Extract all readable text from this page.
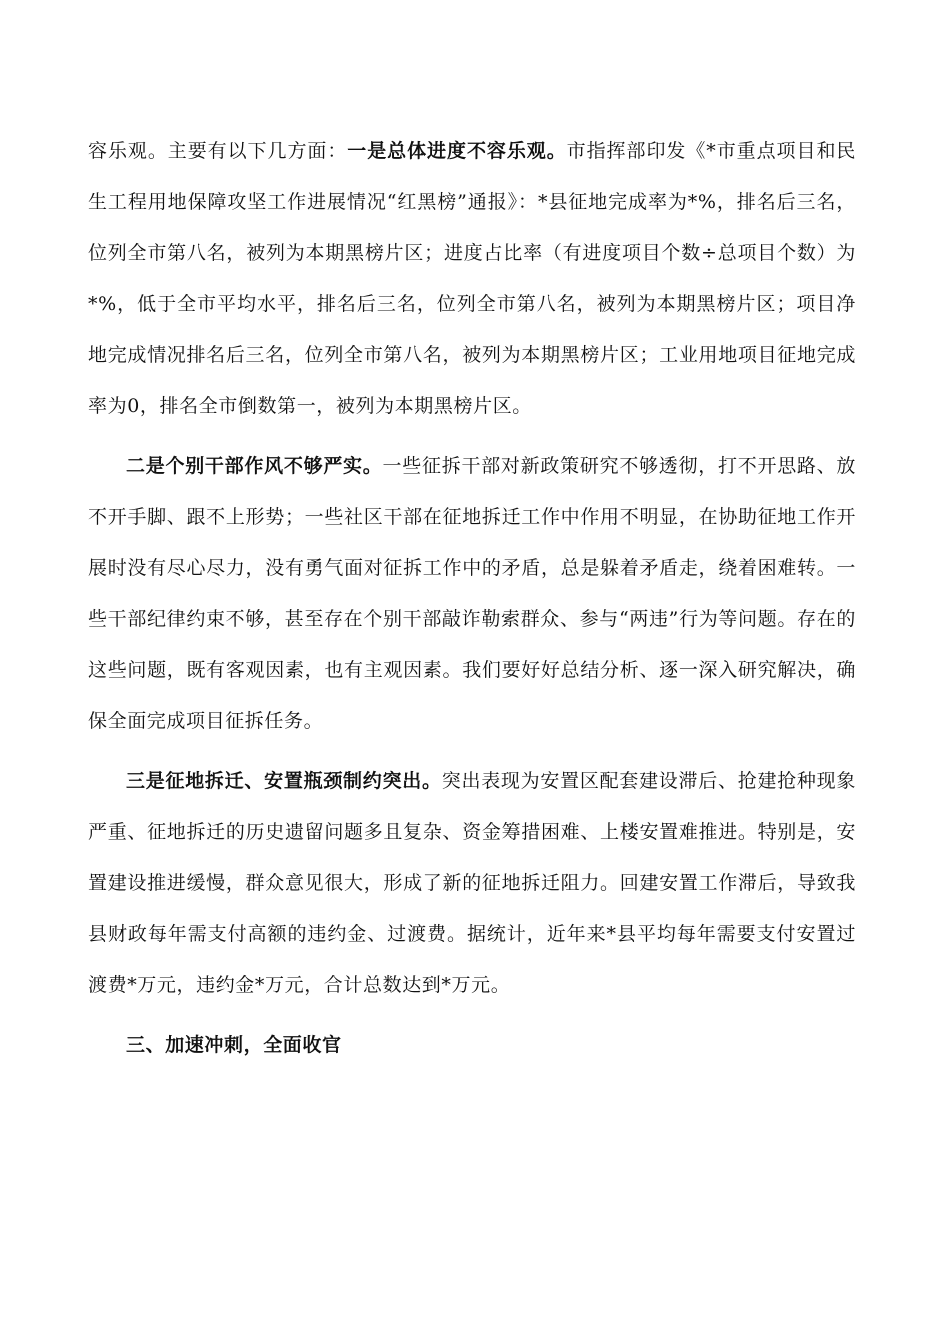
容乐观。主要有以下几方面：一是总体进度不容乐观。市指挥部印发《*市重点项目和民生工程用地保障攻坚工作进展情况“红黑榜”通报》：*县征地完成率为*%，排名后三名，位列全市第八名，被列为本期黑榜片区；进度占比率（有进度项目个数÷总项目个数）为*%，低于全市平均水平，排名后三名，位列全市第八名，被列为本期黑榜片区；项目净地完成情况排名后三名，位列全市第八名，被列为本期黑榜片区；工业用地项目征地完成率为0，排名全市倒数第一，被列为本期黑榜片区。

二是个别干部作风不够严实。一些征拆干部对新政策研究不够透彻，打不开思路、放不开手脚、跟不上形势；一些社区干部在征地拆迁工作中作用不明显，在协助征地工作开展时没有尽心尽力，没有勇气面对征拆工作中的矛盾，总是躲着矛盾走，绕着困难转。一些干部纪律约束不够，甚至存在个别干部敲诈勒索群众、参与“两违”行为等问题。存在的这些问题，既有客观因素，也有主观因素。我们要好好总结分析、逐一深入研究解决，确保全面完成项目征拆任务。

三是征地拆迁、安置瓶颈制约突出。突出表现为安置区配套建设滞后、抢建抢种现象严重、征地拆迁的历史遗留问题多且复杂、资金筹措困难、上楼安置难推进。特别是，安置建设推进缓慢，群众意见很大，形成了新的征地拆迁阻力。回建安置工作滞后，导致我县财政每年需支付高额的违约金、过渡费。据统计，近年来*县平均每年需要支付安置过渡费*万元，违约金*万元，合计总数达到*万元。

三、加速冲刺，全面收官
